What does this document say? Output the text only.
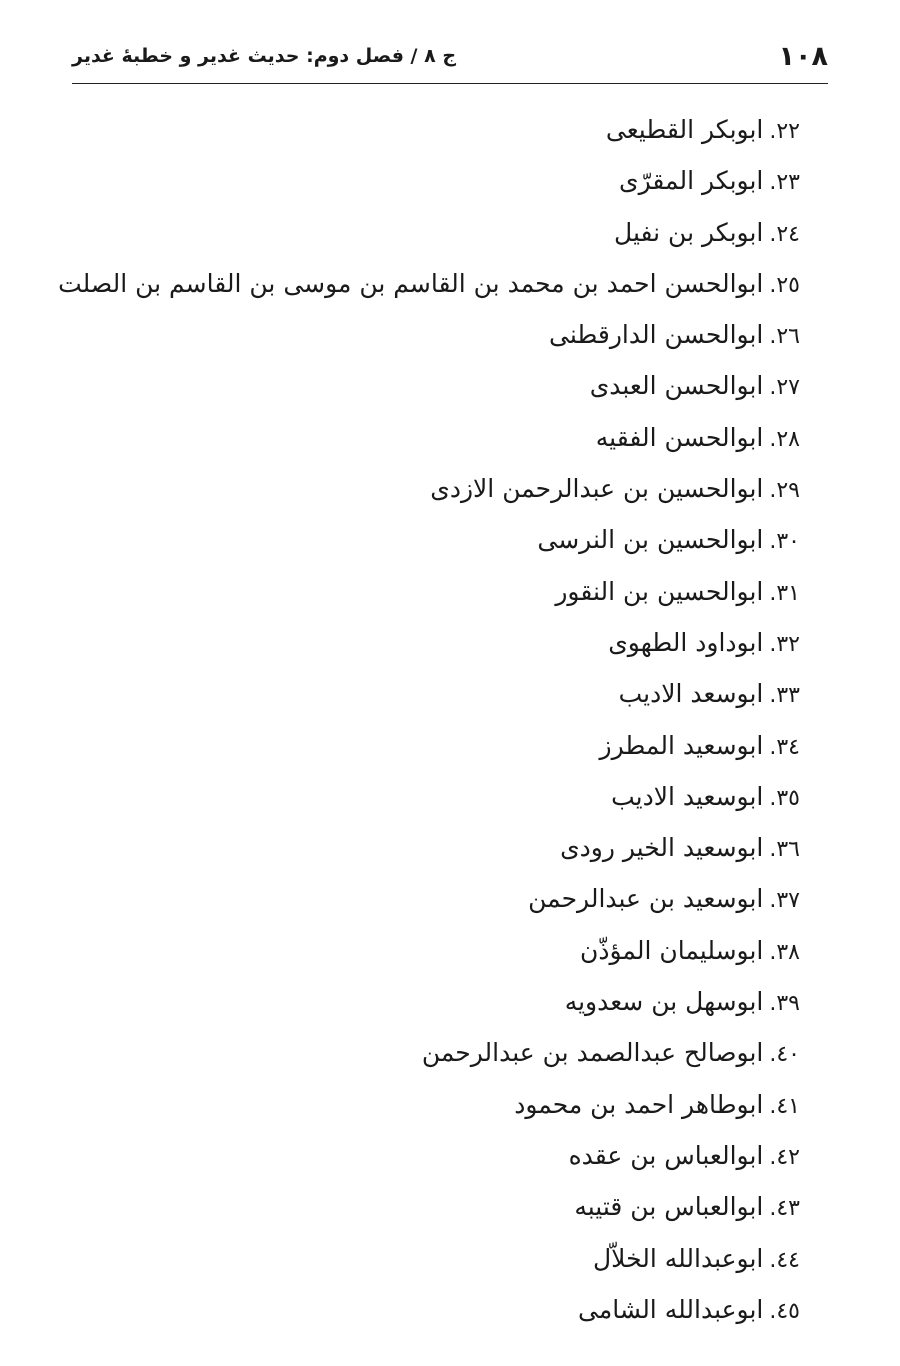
١٠٨
ج ٨ / فصل دوم: حديث غدير و خطبهٔ غدير
٢٢.ابوبكر القطيعى
٢٣.ابوبكر المقرّى
٢٤.ابوبكر بن نفيل
٢٥.ابوالحسن احمد بن محمد بن القاسم بن موسى بن القاسم بن الصلت
٢٦.ابوالحسن الدارقطنى
٢٧.ابوالحسن العبدى
٢٨.ابوالحسن الفقيه
٢٩.ابوالحسين بن عبدالرحمن الازدى
٣٠.ابوالحسين بن النرسى
٣١.ابوالحسين بن النقور
٣٢.ابوداود الطهوى
٣٣.ابوسعد الاديب
٣٤.ابوسعيد المطرز
٣٥.ابوسعيد الاديب
٣٦.ابوسعيد الخير رودى
٣٧.ابوسعيد بن عبدالرحمن
٣٨.ابوسليمان المؤذّن
٣٩.ابوسهل بن سعدويه
٤٠.ابوصالح عبدالصمد بن عبدالرحمن
٤١.ابوطاهر احمد بن محمود
٤٢.ابوالعباس بن عقده
٤٣.ابوالعباس بن قتيبه
٤٤.ابوعبدالله الخلاّل
٤٥.ابوعبدالله الشامى
